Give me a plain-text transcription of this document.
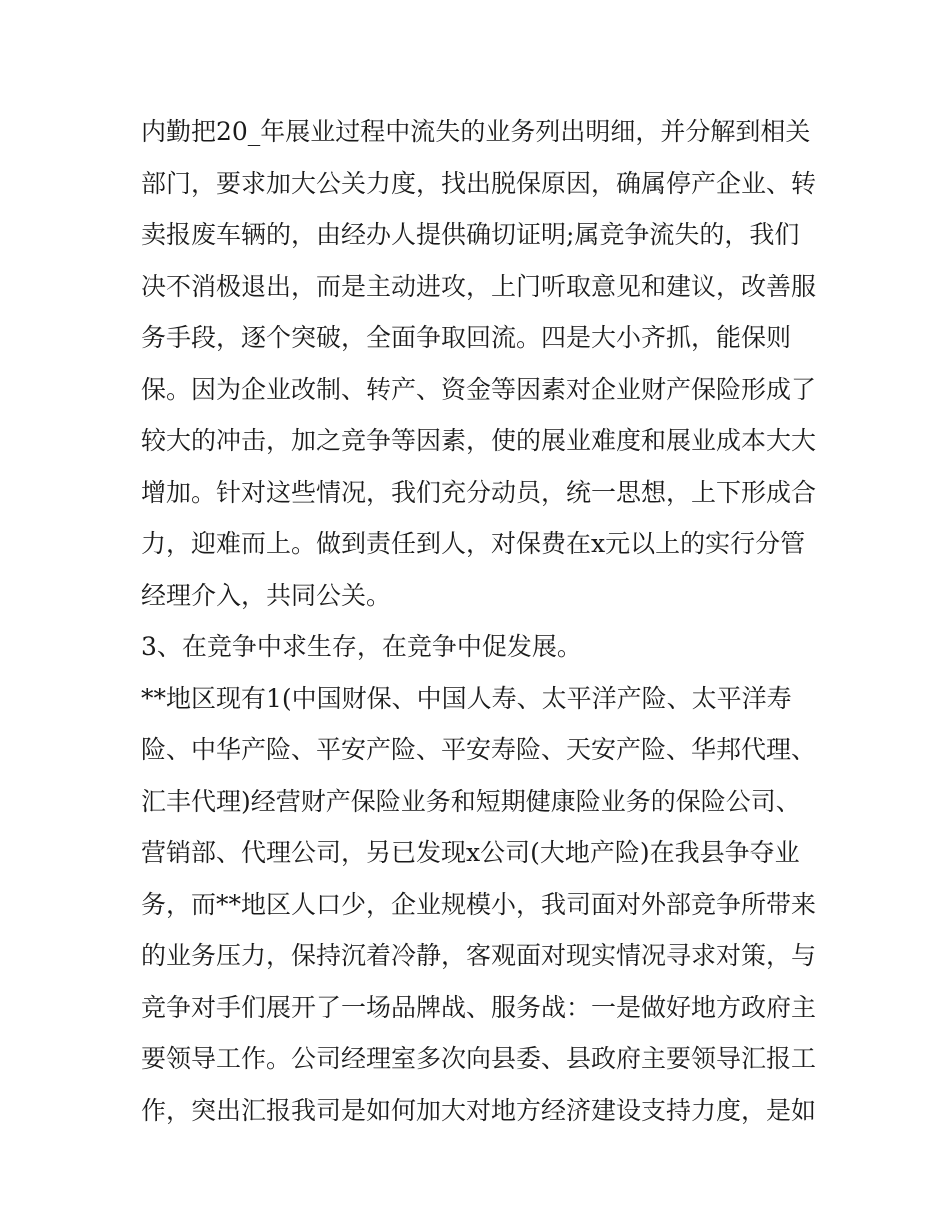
内勤把20_年展业过程中流失的业务列出明细，并分解到相关
部门，要求加大公关力度，找出脱保原因，确属停产企业、转
卖报废车辆的，由经办人提供确切证明;属竞争流失的，我们
决不消极退出，而是主动进攻，上门听取意见和建议，改善服
务手段，逐个突破，全面争取回流。四是大小齐抓，能保则
保。因为企业改制、转产、资金等因素对企业财产保险形成了
较大的冲击，加之竞争等因素，使的展业难度和展业成本大大
增加。针对这些情况，我们充分动员，统一思想，上下形成合
力，迎难而上。做到责任到人，对保费在x元以上的实行分管
经理介入，共同公关。
3、在竞争中求生存，在竞争中促发展。
**地区现有1(中国财保、中国人寿、太平洋产险、太平洋寿
险、中华产险、平安产险、平安寿险、天安产险、华邦代理、
汇丰代理)经营财产保险业务和短期健康险业务的保险公司、
营销部、代理公司，另已发现x公司(大地产险)在我县争夺业
务，而**地区人口少，企业规模小，我司面对外部竞争所带来
的业务压力，保持沉着冷静，客观面对现实情况寻求对策，与
竞争对手们展开了一场品牌战、服务战：一是做好地方政府主
要领导工作。公司经理室多次向县委、县政府主要领导汇报工
作，突出汇报我司是如何加大对地方经济建设支持力度，是如
